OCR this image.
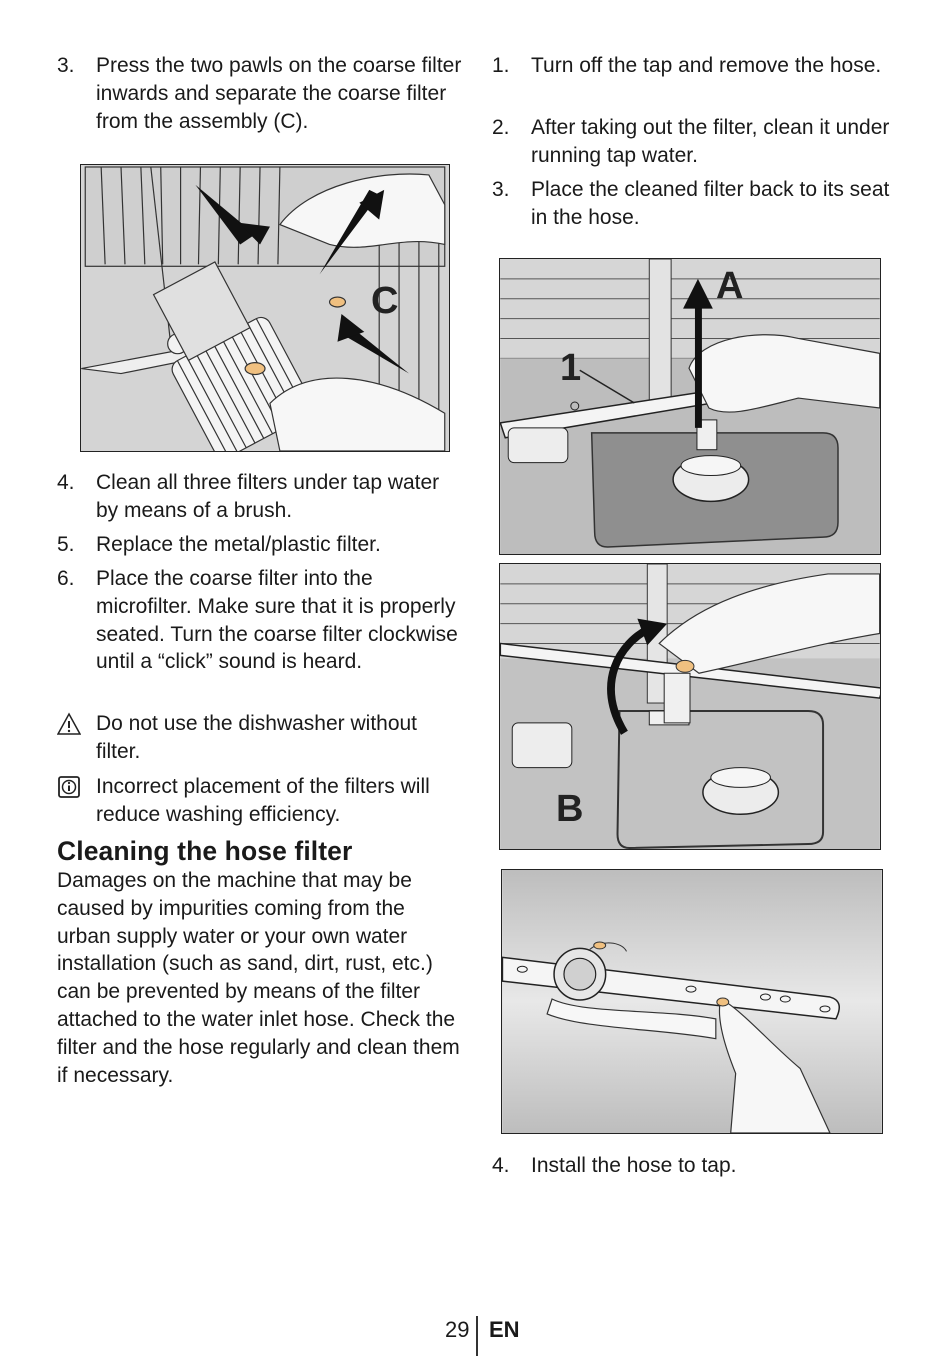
3. Press the two pawls on the coarse filter inwards and separate the coarse filter from the assembly (C).
C
4. Clean all three filters under tap water by means of a brush.
5. Replace the metal/plastic filter.
6. Place the coarse filter into the microfilter. Make sure that it is properly seated. Turn the coarse filter clockwise until a “click” sound is heard.
Do not use the dishwasher without filter.
Incorrect placement of the filters will reduce washing efficiency.
Cleaning the hose filter
Damages on the machine that may be caused by impurities coming from the urban supply water or your own water installation (such as sand, dirt, rust, etc.) can be prevented by means of the filter attached to the water inlet hose. Check the filter and the hose regularly and clean them if necessary.
1. Turn off the tap and remove the hose.
2. After taking out the filter, clean it under running tap water.
3. Place the cleaned filter back to its seat in the hose.
A
1
B
4. Install the hose to tap.
29 EN
